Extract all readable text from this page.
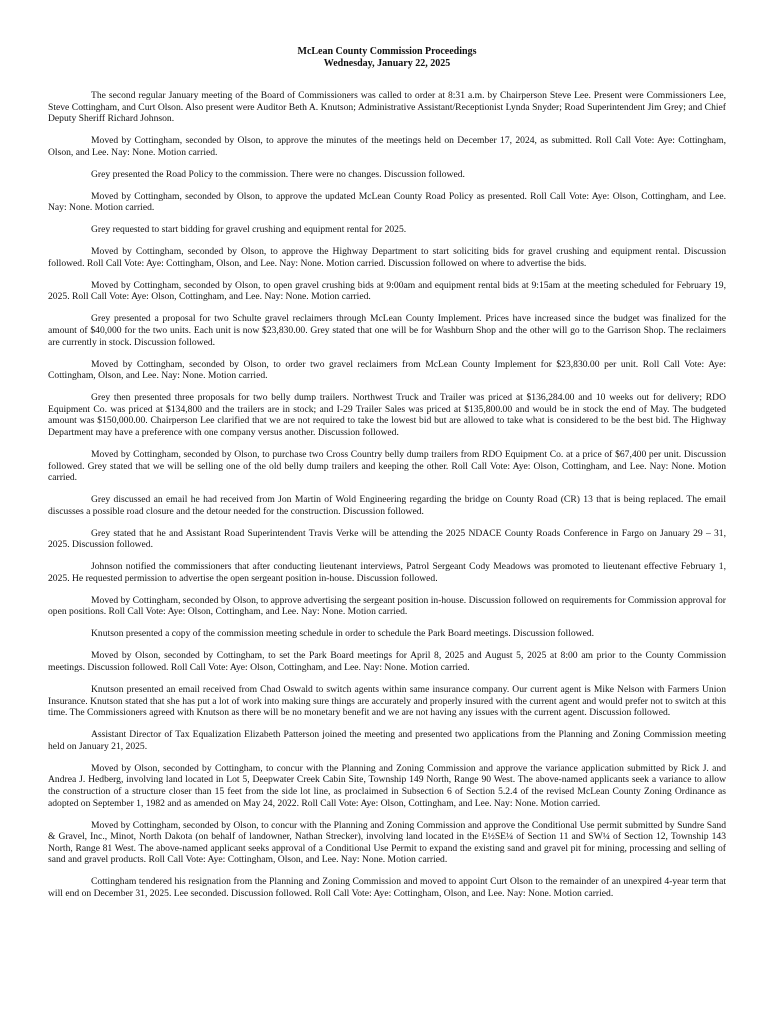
McLean County Commission Proceedings

Wednesday, January 22, 2025

The second regular January meeting of the Board of Commissioners was called to order at 8:31 a.m. by Chairperson Steve Lee. Present were Commissioners Lee, Steve Cottingham, and Curt Olson. Also present were Auditor Beth A. Knutson; Administrative Assistant/Receptionist Lynda Snyder; Road Superintendent Jim Grey; and Chief Deputy Sheriff Richard Johnson.

Moved by Cottingham, seconded by Olson, to approve the minutes of the meetings held on December 17, 2024, as submitted. Roll Call Vote: Aye: Cottingham, Olson, and Lee. Nay: None. Motion carried.

Grey presented the Road Policy to the commission. There were no changes. Discussion followed.

Moved by Cottingham, seconded by Olson, to approve the updated McLean County Road Policy as presented. Roll Call Vote: Aye: Olson, Cottingham, and Lee. Nay: None. Motion carried.

Grey requested to start bidding for gravel crushing and equipment rental for 2025.

Moved by Cottingham, seconded by Olson, to approve the Highway Department to start soliciting bids for gravel crushing and equipment rental. Discussion followed. Roll Call Vote: Aye: Cottingham, Olson, and Lee. Nay: None. Motion carried. Discussion followed on where to advertise the bids.

Moved by Cottingham, seconded by Olson, to open gravel crushing bids at 9:00am and equipment rental bids at 9:15am at the meeting scheduled for February 19, 2025. Roll Call Vote: Aye: Olson, Cottingham, and Lee. Nay: None. Motion carried.

Grey presented a proposal for two Schulte gravel reclaimers through McLean County Implement. Prices have increased since the budget was finalized for the amount of $40,000 for the two units. Each unit is now $23,830.00. Grey stated that one will be for Washburn Shop and the other will go to the Garrison Shop. The reclaimers are currently in stock. Discussion followed.

Moved by Cottingham, seconded by Olson, to order two gravel reclaimers from McLean County Implement for $23,830.00 per unit. Roll Call Vote: Aye: Cottingham, Olson, and Lee. Nay: None. Motion carried.

Grey then presented three proposals for two belly dump trailers. Northwest Truck and Trailer was priced at $136,284.00 and 10 weeks out for delivery; RDO Equipment Co. was priced at $134,800 and the trailers are in stock; and I-29 Trailer Sales was priced at $135,800.00 and would be in stock the end of May. The budgeted amount was $150,000.00. Chairperson Lee clarified that we are not required to take the lowest bid but are allowed to take what is considered to be the best bid. The Highway Department may have a preference with one company versus another. Discussion followed.

Moved by Cottingham, seconded by Olson, to purchase two Cross Country belly dump trailers from RDO Equipment Co. at a price of $67,400 per unit. Discussion followed. Grey stated that we will be selling one of the old belly dump trailers and keeping the other. Roll Call Vote: Aye: Olson, Cottingham, and Lee. Nay: None. Motion carried.

Grey discussed an email he had received from Jon Martin of Wold Engineering regarding the bridge on County Road (CR) 13 that is being replaced. The email discusses a possible road closure and the detour needed for the construction. Discussion followed.

Grey stated that he and Assistant Road Superintendent Travis Verke will be attending the 2025 NDACE County Roads Conference in Fargo on January 29 – 31, 2025. Discussion followed.

Johnson notified the commissioners that after conducting lieutenant interviews, Patrol Sergeant Cody Meadows was promoted to lieutenant effective February 1, 2025. He requested permission to advertise the open sergeant position in-house. Discussion followed.

Moved by Cottingham, seconded by Olson, to approve advertising the sergeant position in-house. Discussion followed on requirements for Commission approval for open positions. Roll Call Vote: Aye: Olson, Cottingham, and Lee. Nay: None. Motion carried.

Knutson presented a copy of the commission meeting schedule in order to schedule the Park Board meetings. Discussion followed.

Moved by Olson, seconded by Cottingham, to set the Park Board meetings for April 8, 2025 and August 5, 2025 at 8:00 am prior to the County Commission meetings. Discussion followed. Roll Call Vote: Aye: Olson, Cottingham, and Lee. Nay: None. Motion carried.

Knutson presented an email received from Chad Oswald to switch agents within same insurance company. Our current agent is Mike Nelson with Farmers Union Insurance. Knutson stated that she has put a lot of work into making sure things are accurately and properly insured with the current agent and would prefer not to switch at this time. The Commissioners agreed with Knutson as there will be no monetary benefit and we are not having any issues with the current agent. Discussion followed.

Assistant Director of Tax Equalization Elizabeth Patterson joined the meeting and presented two applications from the Planning and Zoning Commission meeting held on January 21, 2025.

Moved by Olson, seconded by Cottingham, to concur with the Planning and Zoning Commission and approve the variance application submitted by Rick J. and Andrea J. Hedberg, involving land located in Lot 5, Deepwater Creek Cabin Site, Township 149 North, Range 90 West. The above-named applicants seek a variance to allow the construction of a structure closer than 15 feet from the side lot line, as proclaimed in Subsection 6 of Section 5.2.4 of the revised McLean County Zoning Ordinance as adopted on September 1, 1982 and as amended on May 24, 2022. Roll Call Vote: Aye: Olson, Cottingham, and Lee. Nay: None. Motion carried.

Moved by Cottingham, seconded by Olson, to concur with the Planning and Zoning Commission and approve the Conditional Use permit submitted by Sundre Sand & Gravel, Inc., Minot, North Dakota (on behalf of landowner, Nathan Strecker), involving land located in the E½SE¼ of Section 11 and SW¼ of Section 12, Township 143 North, Range 81 West. The above-named applicant seeks approval of a Conditional Use Permit to expand the existing sand and gravel pit for mining, processing and selling of sand and gravel products. Roll Call Vote: Aye: Cottingham, Olson, and Lee. Nay: None. Motion carried.

Cottingham tendered his resignation from the Planning and Zoning Commission and moved to appoint Curt Olson to the remainder of an unexpired 4-year term that will end on December 31, 2025. Lee seconded. Discussion followed. Roll Call Vote: Aye: Cottingham, Olson, and Lee. Nay: None. Motion carried.
